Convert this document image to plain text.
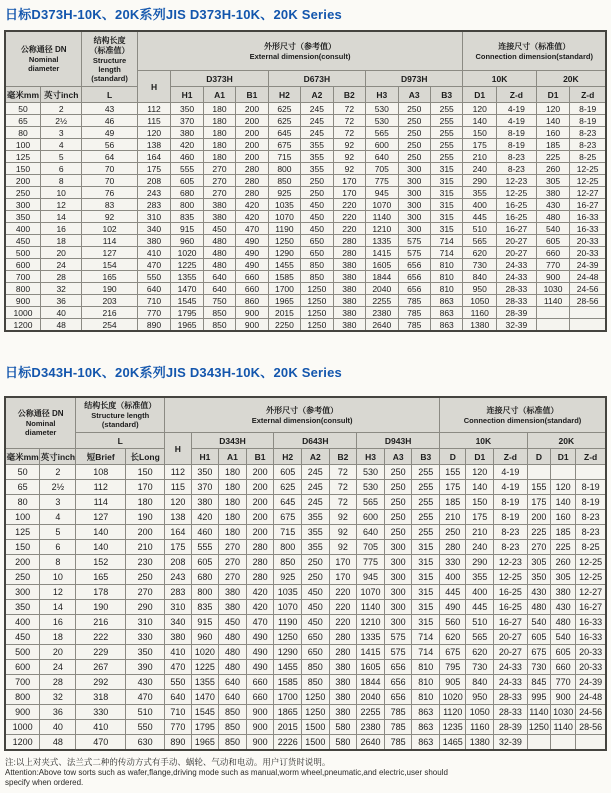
日标D373H-10K、20K系列JIS D373H-10K、20K Series
公称通径 DN
Nominal
diameter

结构长度
（标准值）
Structure
length
(standard)

外形尺寸（参考值）
External dimension(consult)

连接尺寸（标准值）
Connection dimension(standard)

			H	D373H			D673H			D973H			10K		20K	
毫米mm	英寸inch	L		H1	A1	B1	H2	A2	B2	H3	A3	B3	D1	Z-d	D1	Z-d
50	2	43	112	350	180	200	625	245	72	530	250	255	120	4-19	120	8-19
65	2½	46	115	370	180	200	625	245	72	530	250	255	140	4-19	140	8-19
80	3	49	120	380	180	200	645	245	72	565	250	255	150	8-19	160	8-23
100	4	56	138	420	180	200	675	355	92	600	250	255	175	8-19	185	8-23
125	5	64	164	460	180	200	715	355	92	640	250	255	210	8-23	225	8-25
150	6	70	175	555	270	280	800	355	92	705	300	315	240	8-23	260	12-25
200	8	70	208	605	270	280	850	250	170	775	300	315	290	12-23	305	12-25
250	10	76	243	680	270	280	925	250	170	945	300	315	355	12-25	380	12-27
300	12	83	283	800	380	420	1035	450	220	1070	300	315	400	16-25	430	16-27
350	14	92	310	835	380	420	1070	450	220	1140	300	315	445	16-25	480	16-33
400	16	102	340	915	450	470	1190	450	220	1210	300	315	510	16-27	540	16-33
450	18	114	380	960	480	490	1250	650	280	1335	575	714	565	20-27	605	20-33
500	20	127	410	1020	480	490	1290	650	280	1415	575	714	620	20-27	660	20-33
600	24	154	470	1225	480	490	1455	850	380	1605	656	810	730	24-33	770	24-39
700	28	165	550	1355	640	660	1585	850	380	1844	656	810	840	24-33	900	24-48
800	32	190	640	1470	640	660	1700	1250	380	2040	656	810	950	28-33	1030	24-56
900	36	203	710	1545	750	860	1965	1250	380	2255	785	863	1050	28-33	1140	28-56
1000	40	216	770	1795	850	900	2015	1250	380	2380	785	863	1160	28-39		
1200	48	254	890	1965	850	900	2250	1250	380	2640	785	863	1380	32-39		
日标D343H-10K、20K系列JIS D343H-10K、20K Series
公称通径 DN
Nominal
diameter

结构长度（标准值）
Structure length
(standard)

外形尺寸（参考值）
External dimension(consult)

连接尺寸（标准值）
Connection dimension(standard)

		L		H	D343H			D643H			D943H			10K			20K		
毫米mm	英寸inch	短Brief	长Long		H1	A1	B1	H2	A2	B2	H3	A3	B3	D	D1	Z-d	D	D1	Z-d
50	2	108	150	112	350	180	200	605	245	72	530	250	255	155	120	4-19			
65	2½	112	170	115	370	180	200	625	245	72	530	250	255	175	140	4-19	155	120	8-19
80	3	114	180	120	380	180	200	645	245	72	565	250	255	185	150	8-19	175	140	8-19
100	4	127	190	138	420	180	200	675	355	92	600	250	255	210	175	8-19	200	160	8-23
125	5	140	200	164	460	180	200	715	355	92	640	250	255	250	210	8-23	225	185	8-23
150	6	140	210	175	555	270	280	800	355	92	705	300	315	280	240	8-23	270	225	8-25
200	8	152	230	208	605	270	280	850	250	170	775	300	315	330	290	12-23	305	260	12-25
250	10	165	250	243	680	270	280	925	250	170	945	300	315	400	355	12-25	350	305	12-25
300	12	178	270	283	800	380	420	1035	450	220	1070	300	315	445	400	16-25	430	380	12-27
350	14	190	290	310	835	380	420	1070	450	220	1140	300	315	490	445	16-25	480	430	16-27
400	16	216	310	340	915	450	470	1190	450	220	1210	300	315	560	510	16-27	540	480	16-33
450	18	222	330	380	960	480	490	1250	650	280	1335	575	714	620	565	20-27	605	540	16-33
500	20	229	350	410	1020	480	490	1290	650	280	1415	575	714	675	620	20-27	675	605	20-33
600	24	267	390	470	1225	480	490	1455	850	380	1605	656	810	795	730	24-33	730	660	20-33
700	28	292	430	550	1355	640	660	1585	850	380	1844	656	810	905	840	24-33	845	770	24-39
800	32	318	470	640	1470	640	660	1700	1250	380	2040	656	810	1020	950	28-33	995	900	24-48
900	36	330	510	710	1545	850	900	1865	1250	380	2255	785	863	1120	1050	28-33	1140	1030	24-56
1000	40	410	550	770	1795	850	900	2015	1500	580	2380	785	863	1235	1160	28-39	1250	1140	28-56
1200	48	470	630	890	1965	850	900	2226	1500	580	2640	785	863	1465	1380	32-39			
注:以上对夹式、法兰式二种的传动方式有手动、蜗轮、气动和电动。用户订货时说明。
Attention:Above tow sorts such as wafer,flange,driving mode such as manual,worm wheel,pneumatic,and electric,user should
specify when ordered.
